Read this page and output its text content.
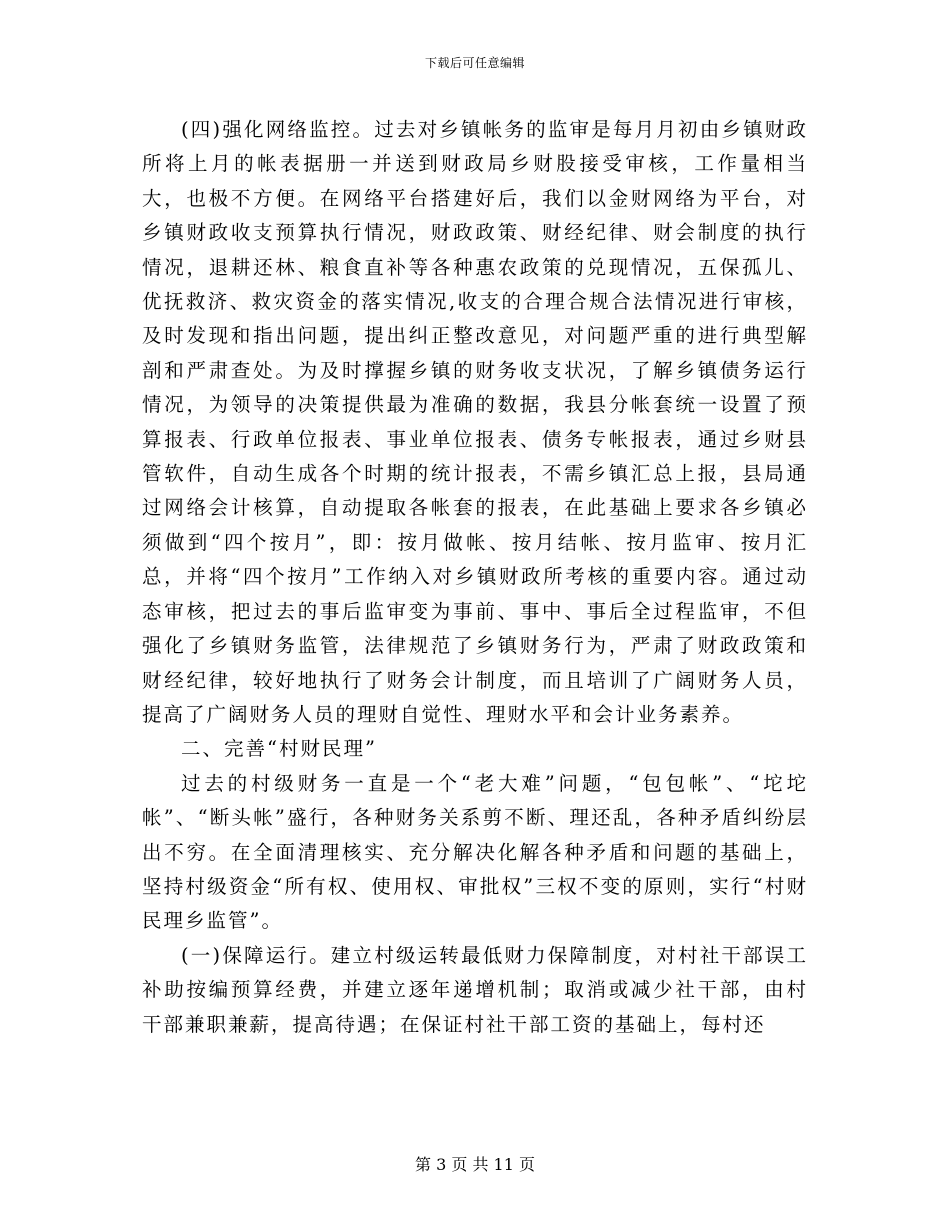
下载后可任意编辑

(四)强化网络监控。过去对乡镇帐务的监审是每月月初由乡镇财政所将上月的帐表据册一并送到财政局乡财股接受审核，工作量相当大，也极不方便。在网络平台搭建好后，我们以金财网络为平台，对乡镇财政收支预算执行情况，财政政策、财经纪律、财会制度的执行情况，退耕还林、粮食直补等各种惠农政策的兑现情况，五保孤儿、优抚救济、救灾资金的落实情况,收支的合理合规合法情况进行审核，及时发现和指出问题，提出纠正整改意见，对问题严重的进行典型解剖和严肃查处。为及时撑握乡镇的财务收支状况，了解乡镇债务运行情况，为领导的决策提供最为准确的数据，我县分帐套统一设置了预算报表、行政单位报表、事业单位报表、债务专帐报表，通过乡财县管软件，自动生成各个时期的统计报表，不需乡镇汇总上报，县局通过网络会计核算，自动提取各帐套的报表，在此基础上要求各乡镇必须做到“四个按月”，即：按月做帐、按月结帐、按月监审、按月汇总，并将“四个按月”工作纳入对乡镇财政所考核的重要内容。通过动态审核，把过去的事后监审变为事前、事中、事后全过程监审，不但强化了乡镇财务监管，法律规范了乡镇财务行为，严肃了财政政策和财经纪律，较好地执行了财务会计制度，而且培训了广阔财务人员，提高了广阔财务人员的理财自觉性、理财水平和会计业务素养。

二、完善“村财民理”

过去的村级财务一直是一个“老大难”问题，“包包帐”、“坨坨帐”、“断头帐”盛行，各种财务关系剪不断、理还乱，各种矛盾纠纷层出不穷。在全面清理核实、充分解决化解各种矛盾和问题的基础上，坚持村级资金“所有权、使用权、审批权”三权不变的原则，实行“村财民理乡监管”。

(一)保障运行。建立村级运转最低财力保障制度，对村社干部误工补助按编预算经费，并建立逐年递增机制；取消或减少社干部，由村干部兼职兼薪，提高待遇；在保证村社干部工资的基础上，每村还

第 3 页 共 11 页
